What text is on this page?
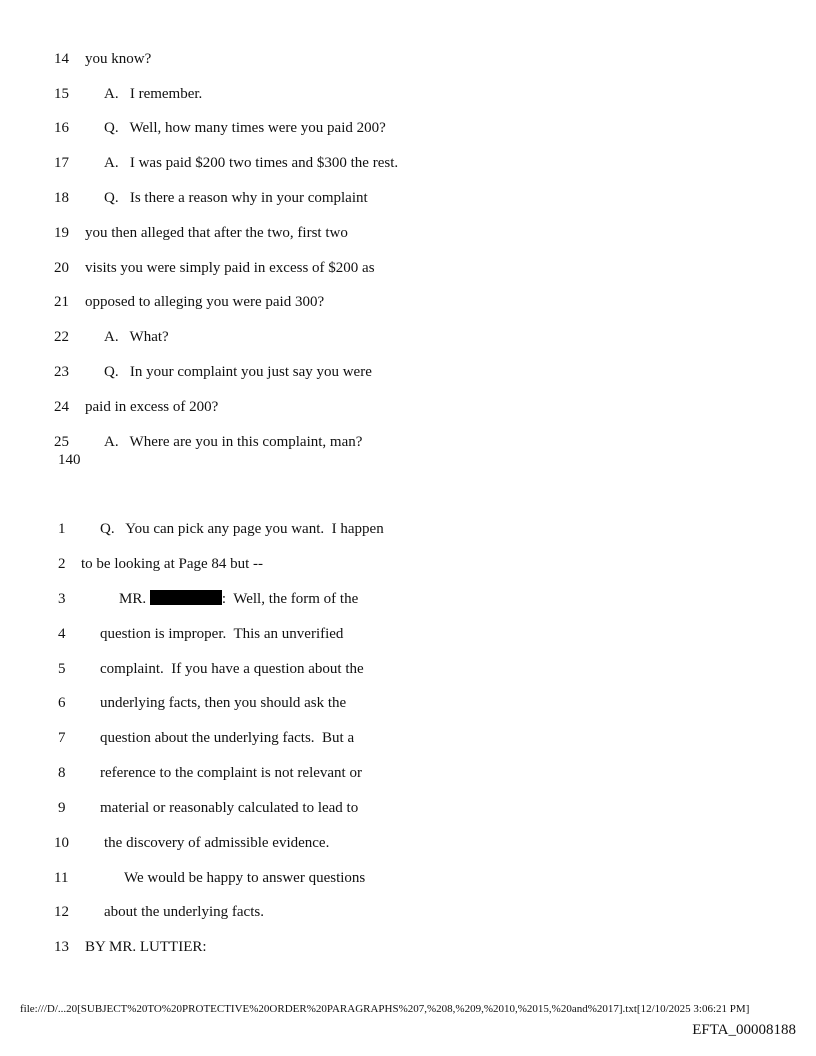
14 you know?
15 A.   I remember.
16 Q.   Well, how many times were you paid 200?
17 A.   I was paid $200 two times and $300 the rest.
18 Q.   Is there a reason why in your complaint
19 you then alleged that after the two, first two
20 visits you were simply paid in excess of $200 as
21 opposed to alleging you were paid 300?
22 A.   What?
23 Q.   In your complaint you just say you were
24 paid in excess of 200?
25 A.   Where are you in this complaint, man?
140
1 Q.   You can pick any page you want.  I happen
2 to be looking at Page 84 but --
3	MR.	:  Well, the form of the
4 question is improper.  This an unverified
5 complaint.  If you have a question about the
6 underlying facts, then you should ask the
7 question about the underlying facts.  But a
8 reference to the complaint is not relevant or
9 material or reasonably calculated to lead to
10 the discovery of admissible evidence.
11	We would be happy to answer questions
12 about the underlying facts.
13 BY MR. LUTTIER:
file:///D/...20[SUBJECT%20TO%20PROTECTIVE%20ORDER%20PARAGRAPHS%207,%208,%209,%2010,%2015,%20and%2017].txt[12/10/2025 3:06:21 PM]
EFTA_00008188
